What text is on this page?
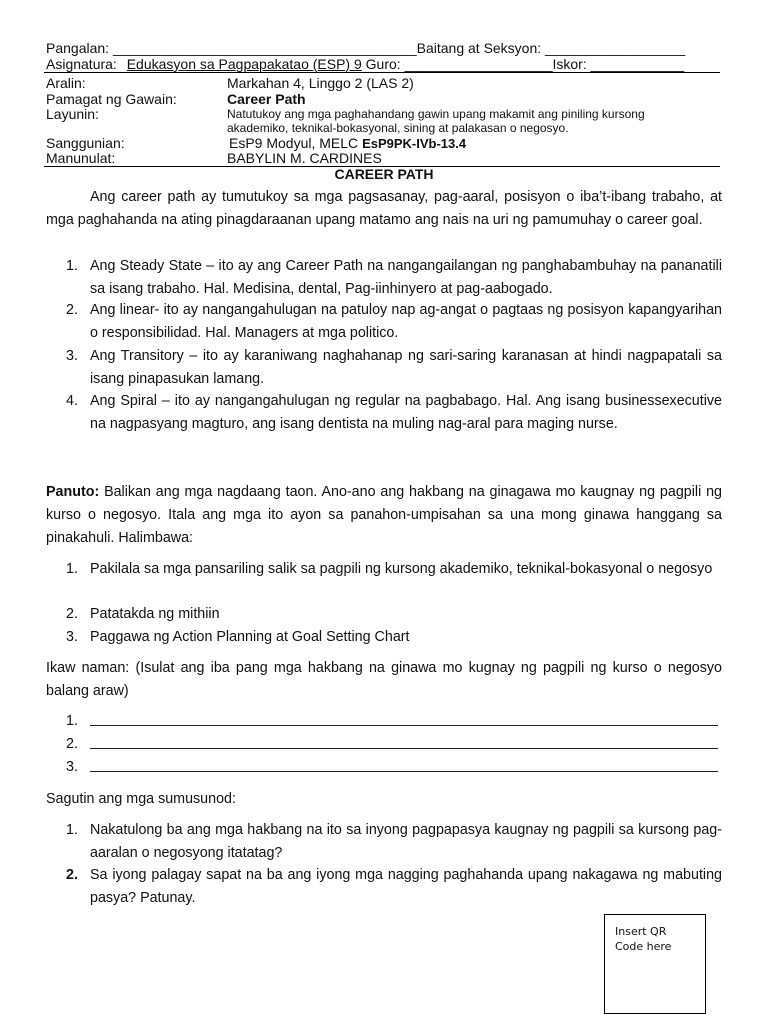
Pangalan: _______________________________________Baitang at Seksyon: __________________
Asignatura: Edukasyon sa Pagpapakatao (ESP) 9 Guro: ___________________Iskor: ____________
Aralin:	Markahan 4, Linggo 2 (LAS 2)
Pamagat ng Gawain:	Career Path
Layunin:	Natutukoy ang mga paghahandang gawin upang makamit ang piniling kursong
akademiko, teknikal-bokasyonal, sining at palakasan o negosyo.
Sanggunian:	EsP9 Modyul, MELC EsP9PK-IVb-13.4
Manunulat:	BABYLIN M. CARDINES
CAREER PATH
Ang career path ay tumutukoy sa mga pagsasanay, pag-aaral, posisyon o iba’t-ibang trabaho, at mga paghahanda na ating pinagdaraanan upang matamo ang nais na uri ng pamumuhay o career goal.
1. Ang Steady State – ito ay ang Career Path na nangangailangan ng panghabambuhay na pananatili sa isang trabaho. Hal. Medisina, dental, Pag-iinhinyero at pag-aabogado.
2. Ang linear- ito ay nangangahulugan na patuloy nap ag-angat o pagtaas ng posisyon kapangyarihan o responsibilidad. Hal. Managers at mga politico.
3. Ang Transitory – ito ay karaniwang naghahanap ng sari-saring karanasan at hindi nagpapatali sa isang pinapasukan lamang.
4. Ang Spiral – ito ay nangangahulugan ng regular na pagbabago. Hal. Ang isang businessexecutive na nagpasyang magturo, ang isang dentista na muling nag-aral para maging nurse.
Panuto: Balikan ang mga nagdaang taon. Ano-ano ang hakbang na ginagawa mo kaugnay ng pagpili ng kurso o negosyo. Itala ang mga ito ayon sa panahon-umpisahan sa una mong ginawa hanggang sa pinakahuli. Halimbawa:
1. Pakilala sa mga pansariling salik sa pagpili ng kursong akademiko, teknikal-bokasyonal o negosyo
2. Patatakda ng mithiin
3. Paggawa ng Action Planning at Goal Setting Chart
Ikaw naman: (Isulat ang iba pang mga hakbang na ginawa mo kugnay ng pagpili ng kurso o negosyo balang araw)
1.
2.
3.
Sagutin ang mga sumusunod:
1. Nakatulong ba ang mga hakbang na ito sa inyong pagpapasya kaugnay ng pagpili sa kursong pag-aaralan o negosyong itatatag?
2. Sa iyong palagay sapat na ba ang iyong mga nagging paghahanda upang nakagawa ng mabuting pasya? Patunay.
Insert QR Code here
